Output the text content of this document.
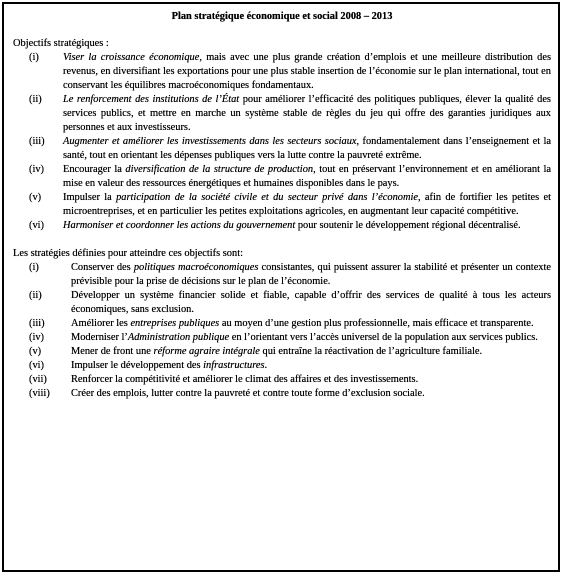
Plan stratégique économique et social 2008 – 2013
Objectifs stratégiques :
(i)	Viser la croissance économique, mais avec une plus grande création d’emplois et une meilleure distribution des revenus, en diversifiant les exportations pour une plus stable insertion de l’économie sur le plan international, tout en conservant les équilibres macroéconomiques fondamentaux.
(ii)	Le renforcement des institutions de l’État pour améliorer l’efficacité des politiques publiques, élever la qualité des services publics, et mettre en marche un système stable de règles du jeu qui offre des garanties juridiques aux personnes et aux investisseurs.
(iii)	Augmenter et améliorer les investissements dans les secteurs sociaux, fondamentalement dans l’enseignement et la santé, tout en orientant les dépenses publiques vers la lutte contre la pauvreté extrême.
(iv)	Encourager la diversification de la structure de production, tout en préservant l’environnement et en améliorant la mise en valeur des ressources énergétiques et humaines disponibles dans le pays.
(v)	Impulser la participation de la société civile et du secteur privé dans l’économie, afin de fortifier les petites et microentreprises, et en particulier les petites exploitations agricoles, en augmentant leur capacité compétitive.
(vi)	Harmoniser et coordonner les actions du gouvernement pour soutenir le développement régional décentralisé.
Les stratégies définies pour atteindre ces objectifs sont:
(i)	Conserver des politiques macroéconomiques consistantes, qui puissent assurer la stabilité et présenter un contexte prévisible pour la prise de décisions sur le plan de l’économie.
(ii)	Développer un système financier solide et fiable, capable d’offrir des services de qualité à tous les acteurs économiques, sans exclusion.
(iii)	Améliorer les entreprises publiques au moyen d’une gestion plus professionnelle, mais efficace et transparente.
(iv)	Moderniser l’Administration publique en l’orientant vers l’accès universel de la population aux services publics.
(v)	Mener de front une réforme agraire intégrale qui entraîne la réactivation de l’agriculture familiale.
(vi)	Impulser le développement des infrastructures.
(vii)	Renforcer la compétitivité et améliorer le climat des affaires et des investissements.
(viii)	Créer des emplois, lutter contre la pauvreté et contre toute forme d’exclusion sociale.
